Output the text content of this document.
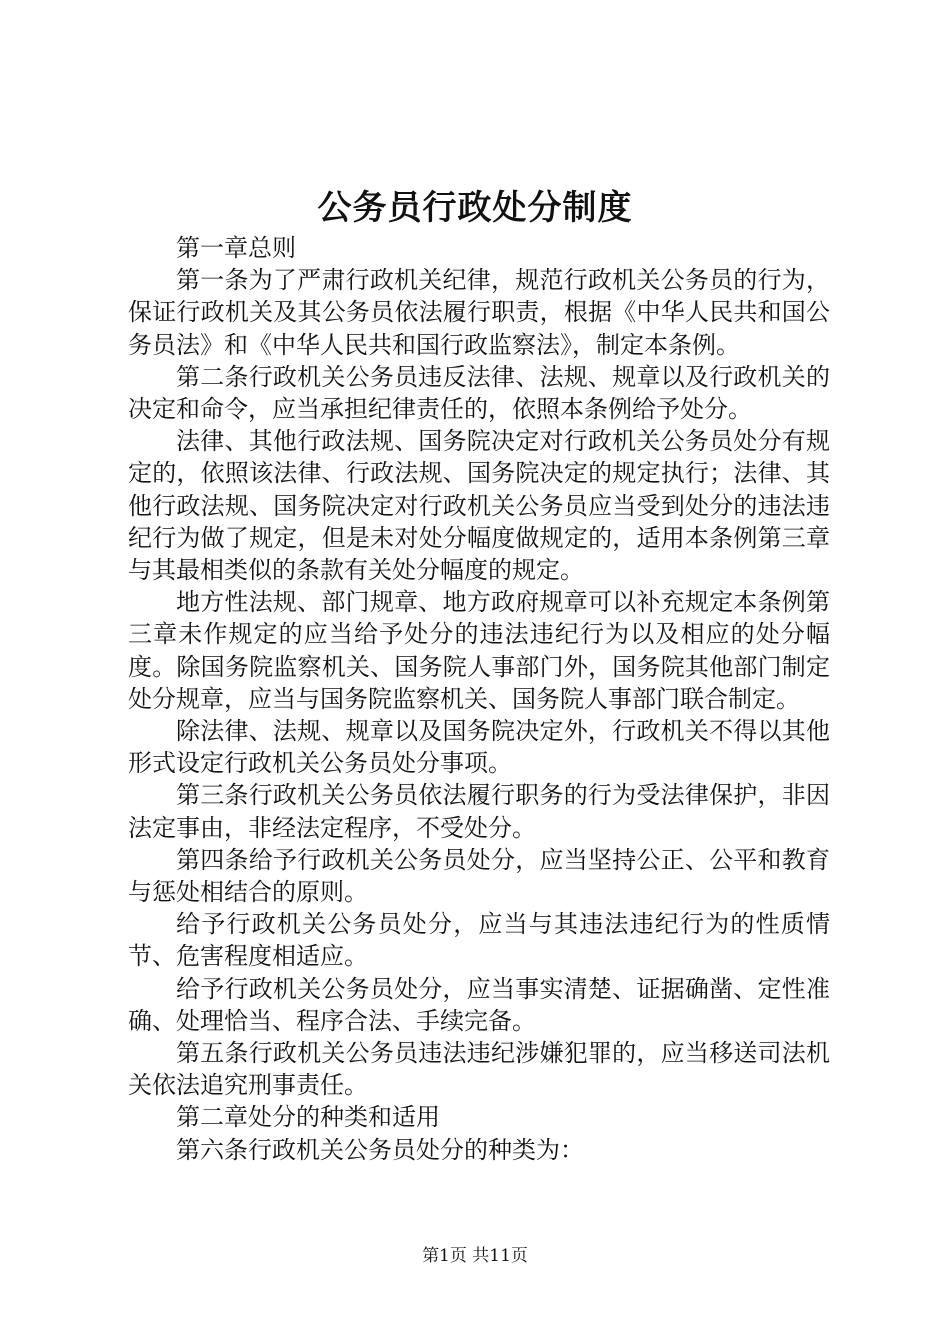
公务员行政处分制度

第一章总则

第一条为了严肃行政机关纪律，规范行政机关公务员的行为，保证行政机关及其公务员依法履行职责，根据《中华人民共和国公务员法》和《中华人民共和国行政监察法》，制定本条例。

第二条行政机关公务员违反法律、法规、规章以及行政机关的决定和命令，应当承担纪律责任的，依照本条例给予处分。

法律、其他行政法规、国务院决定对行政机关公务员处分有规定的，依照该法律、行政法规、国务院决定的规定执行；法律、其他行政法规、国务院决定对行政机关公务员应当受到处分的违法违纪行为做了规定，但是未对处分幅度做规定的，适用本条例第三章与其最相类似的条款有关处分幅度的规定。

地方性法规、部门规章、地方政府规章可以补充规定本条例第三章未作规定的应当给予处分的违法违纪行为以及相应的处分幅度。除国务院监察机关、国务院人事部门外，国务院其他部门制定处分规章，应当与国务院监察机关、国务院人事部门联合制定。

除法律、法规、规章以及国务院决定外，行政机关不得以其他形式设定行政机关公务员处分事项。

第三条行政机关公务员依法履行职务的行为受法律保护，非因法定事由，非经法定程序，不受处分。

第四条给予行政机关公务员处分，应当坚持公正、公平和教育与惩处相结合的原则。

给予行政机关公务员处分，应当与其违法违纪行为的性质情节、危害程度相适应。

给予行政机关公务员处分，应当事实清楚、证据确凿、定性准确、处理恰当、程序合法、手续完备。

第五条行政机关公务员违法违纪涉嫌犯罪的，应当移送司法机关依法追究刑事责任。

第二章处分的种类和适用

第六条行政机关公务员处分的种类为：

第1页 共11页
